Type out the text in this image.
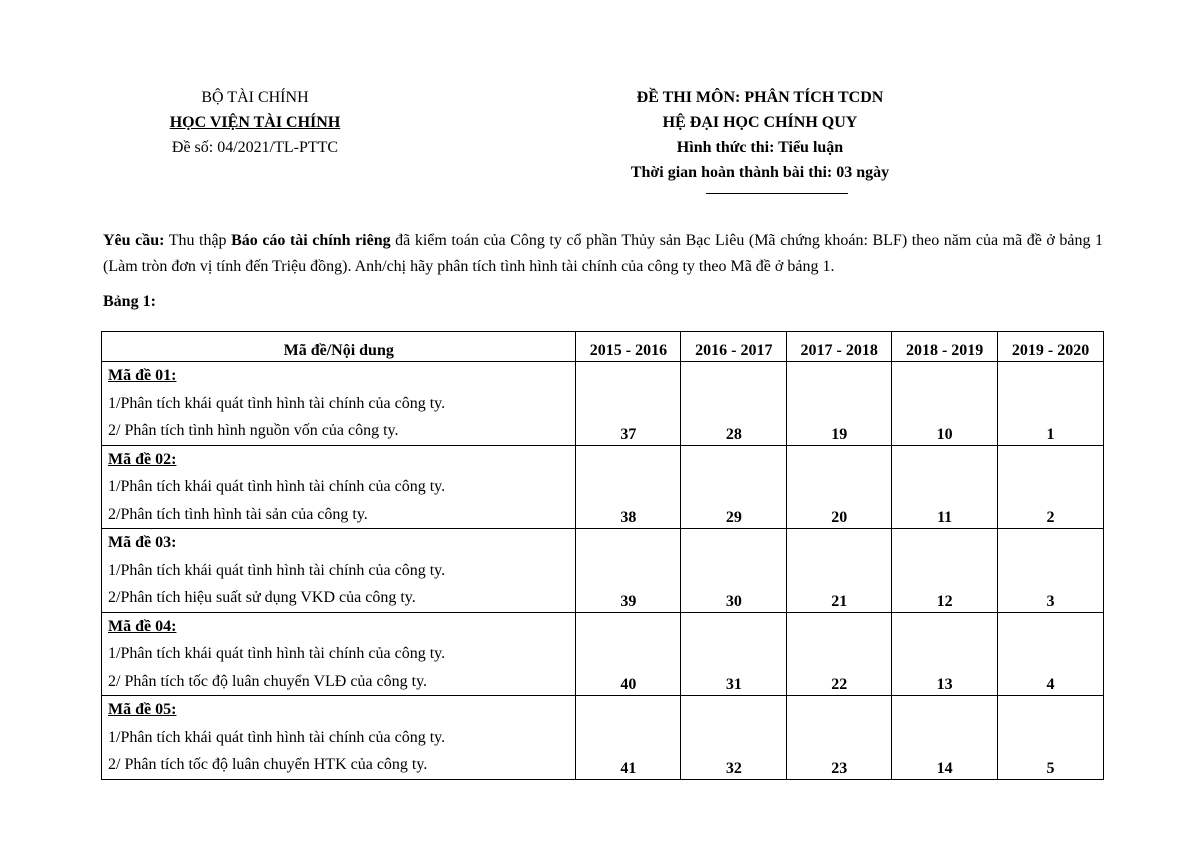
BỘ TÀI CHÍNH
HỌC VIỆN TÀI CHÍNH
Đề số: 04/2021/TL-PTTC
ĐỀ THI MÔN: PHÂN TÍCH TCDN
HỆ ĐẠI HỌC CHÍNH QUY
Hình thức thi: Tiểu luận
Thời gian hoàn thành bài thi: 03 ngày
Yêu cầu: Thu thập Báo cáo tài chính riêng đã kiểm toán của Công ty cổ phần Thủy sản Bạc Liêu (Mã chứng khoán: BLF) theo năm của mã đề ở bảng 1 (Làm tròn đơn vị tính đến Triệu đồng). Anh/chị hãy phân tích tình hình tài chính của công ty theo Mã đề ở bảng 1.
Bảng 1:
Mã đề/Nội dung	2015 - 2016	2016 - 2017	2017 - 2018	2018 - 2019	2019 - 2020

Mã đề 01:
1/Phân tích khái quát tình hình tài chính của công ty.
2/ Phân tích tình hình nguồn vốn của công ty.	37	28	19	10	1

Mã đề 02:
1/Phân tích khái quát tình hình tài chính của công ty.
2/Phân tích tình hình tài sản của công ty.	38	29	20	11	2

Mã đề 03:
1/Phân tích khái quát tình hình tài chính của công ty.
2/Phân tích hiệu suất sử dụng VKD của công ty.	39	30	21	12	3

Mã đề 04:
1/Phân tích khái quát tình hình tài chính của công ty.
2/ Phân tích tốc độ luân chuyển VLĐ của công ty.	40	31	22	13	4

Mã đề 05:
1/Phân tích khái quát tình hình tài chính của công ty.
2/ Phân tích tốc độ luân chuyển HTK của công ty.	41	32	23	14	5
